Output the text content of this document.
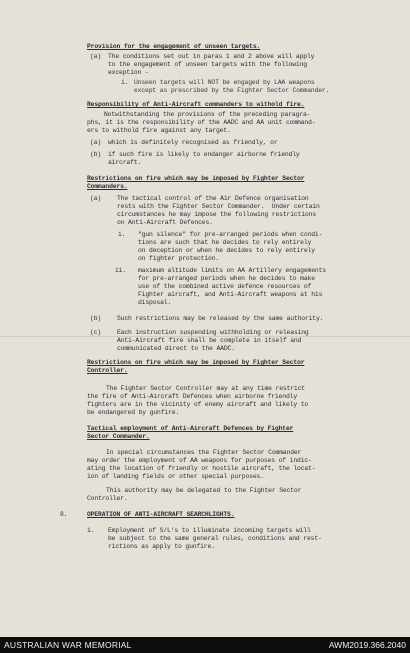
Provision for the engagement of unseen targets.
(a) The conditions set out in paras 1 and 2 above will apply
to the engagement of unseen targets with the following
exception -
i. Unseen targets will NOT be engaged by LAA weapons
except as prescribed by the Fighter Sector Commander.
Responsibility of Anti-Aircraft commanders to withold fire.
Notwithstanding the provisions of the preceding paragra-
phs, it is the responsibility of the AADC and AA unit command-
ers to withold fire against any target.
(a) which is definitely recognised as friendly, or
(b) if such fire is likely to endanger airborne friendly
aircraft.
Restrictions on fire which may be imposed by Fighter Sector
Commanders.
(a) The tactical control of the Air Defence organisation
rests with the Fighter Sector Commander.  Under certain
circumstances he may impose the following restrictions
on Anti-Aircraft Defences.
i. "gun silence" for pre-arranged periods when condi-
tions are such that he decides to rely entirely
on deception or when he decides to rely entirely
on fighter protection.
ii. maximum altitude limits on AA Artillery engagements
for pre-arranged periods when he decides to make
use of the combined active defence resources of
Fighter aircraft, and Anti-Aircraft weapons at his
disposal.
(b) Such restrictions may be released by the same authority.
(c) Each instruction suspending withholding or releasing
Anti-Aircraft fire shall be complete in itself and
communicated direct to the AADC.
Restrictions on fire which may be imposed by Fighter Sector
Controller.
The Fighter Sector Controller may at any time restrict
the fire of Anti-Aircraft Defences when airborne friendly
fighters are in the vicinity of enemy aircraft and likely to
be endangered by gunfire.
Tactical employment of Anti-Aircraft Defences by Fighter
Sector Commander.
In special circumstances the Fighter Sector Commander
may order the employment of AA weapons for purposes of indic-
ating the location of friendly or hostile aircraft, the locat-
ion of landing fields or other special purposes.
This authority may be delegated to the Fighter Sector
Controller.
8.	OPERATION OF ANTI-AIRCRAFT SEARCHLIGHTS.
i. Employment of S/L's to illuminate incoming targets will
be subject to the same general rules, conditions and rest-
rictions as apply to gunfire.
AUSTRALIAN WAR MEMORIAL	AWM2019.366.2040
